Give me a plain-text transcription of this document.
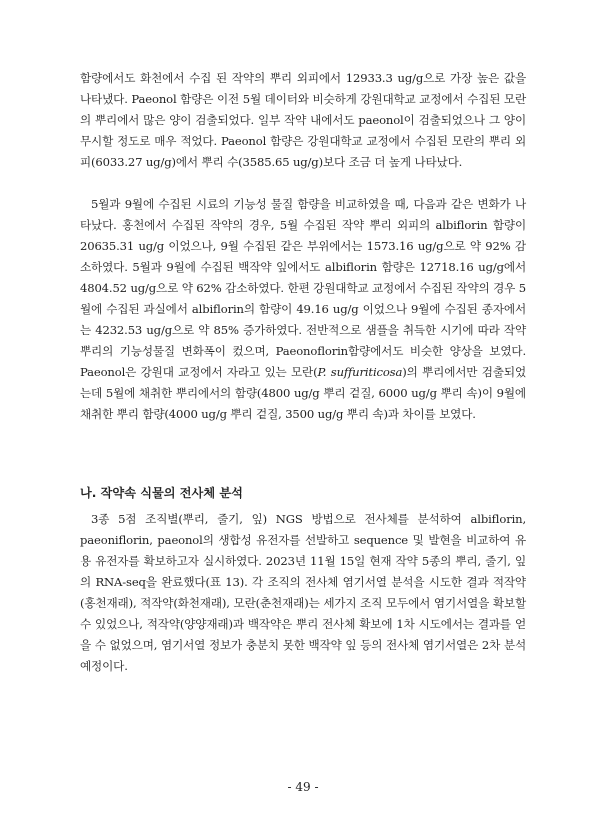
함량에서도 화천에서 수집 된 작약의 뿌리 외피에서 12933.3 ug/g으로 가장 높은 값을 나타냈다. Paeonol 함량은 이전 5월 데이터와 비슷하게 강원대학교 교정에서 수집된 모란의 뿌리에서 많은 양이 검출되었다. 일부 작약 내에서도 paeonol이 검출되었으나 그 양이 무시할 정도로 매우 적었다. Paeonol 함량은 강원대학교 교정에서 수집된 모란의 뿌리 외피(6033.27 ug/g)에서 뿌리 수(3585.65 ug/g)보다 조금 더 높게 나타났다.

5월과 9월에 수집된 시료의 기능성 물질 함량을 비교하였을 때, 다음과 같은 변화가 나타났다. 홍천에서 수집된 작약의 경우, 5월 수집된 작약 뿌리 외피의 albiflorin 함량이 20635.31 ug/g 이었으나, 9월 수집된 같은 부위에서는 1573.16 ug/g으로 약 92% 감소하였다. 5월과 9월에 수집된 백작약 잎에서도 albiflorin 함량은 12718.16 ug/g에서 4804.52 ug/g으로 약 62% 감소하였다. 한편 강원대학교 교정에서 수집된 작약의 경우 5월에 수집된 과실에서 albiflorin의 함량이 49.16 ug/g 이었으나 9월에 수집된 종자에서는 4232.53 ug/g으로 약 85% 증가하였다. 전반적으로 샘플을 취득한 시기에 따라 작약 뿌리의 기능성물질 변화폭이 컸으며, Paeonoflorin함량에서도 비슷한 양상을 보였다. Paeonol은 강원대 교정에서 자라고 있는 모란(P. suffuriticosa)의 뿌리에서만 검출되었는데 5월에 채취한 뿌리에서의 함량(4800 ug/g 뿌리 겉질, 6000 ug/g 뿌리 속)이 9월에 채취한 뿌리 함량(4000 ug/g 뿌리 겉질, 3500 ug/g 뿌리 속)과 차이를 보였다.

나. 작약속 식물의 전사체 분석

3종 5점 조직별(뿌리, 줄기, 잎) NGS 방법으로 전사체를 분석하여 albiflorin, paeoniflorin, paeonol의 생합성 유전자를 선발하고 sequence 및 발현을 비교하여 유용 유전자를 확보하고자 실시하였다. 2023년 11월 15일 현재 작약 5종의 뿌리, 줄기, 잎의 RNA-seq을 완료했다(표 13). 각 조직의 전사체 염기서열 분석을 시도한 결과 적작약(홍천재래), 적작약(화천재래), 모란(춘천재래)는 세가지 조직 모두에서 염기서열을 확보할 수 있었으나, 적작약(양양재래)과 백작약은 뿌리 전사체 확보에 1차 시도에서는 결과를 얻을 수 없었으며, 염기서열 정보가 충분치 못한 백작약 잎 등의 전사체 염기서열은 2차 분석 예정이다.

- 49 -
